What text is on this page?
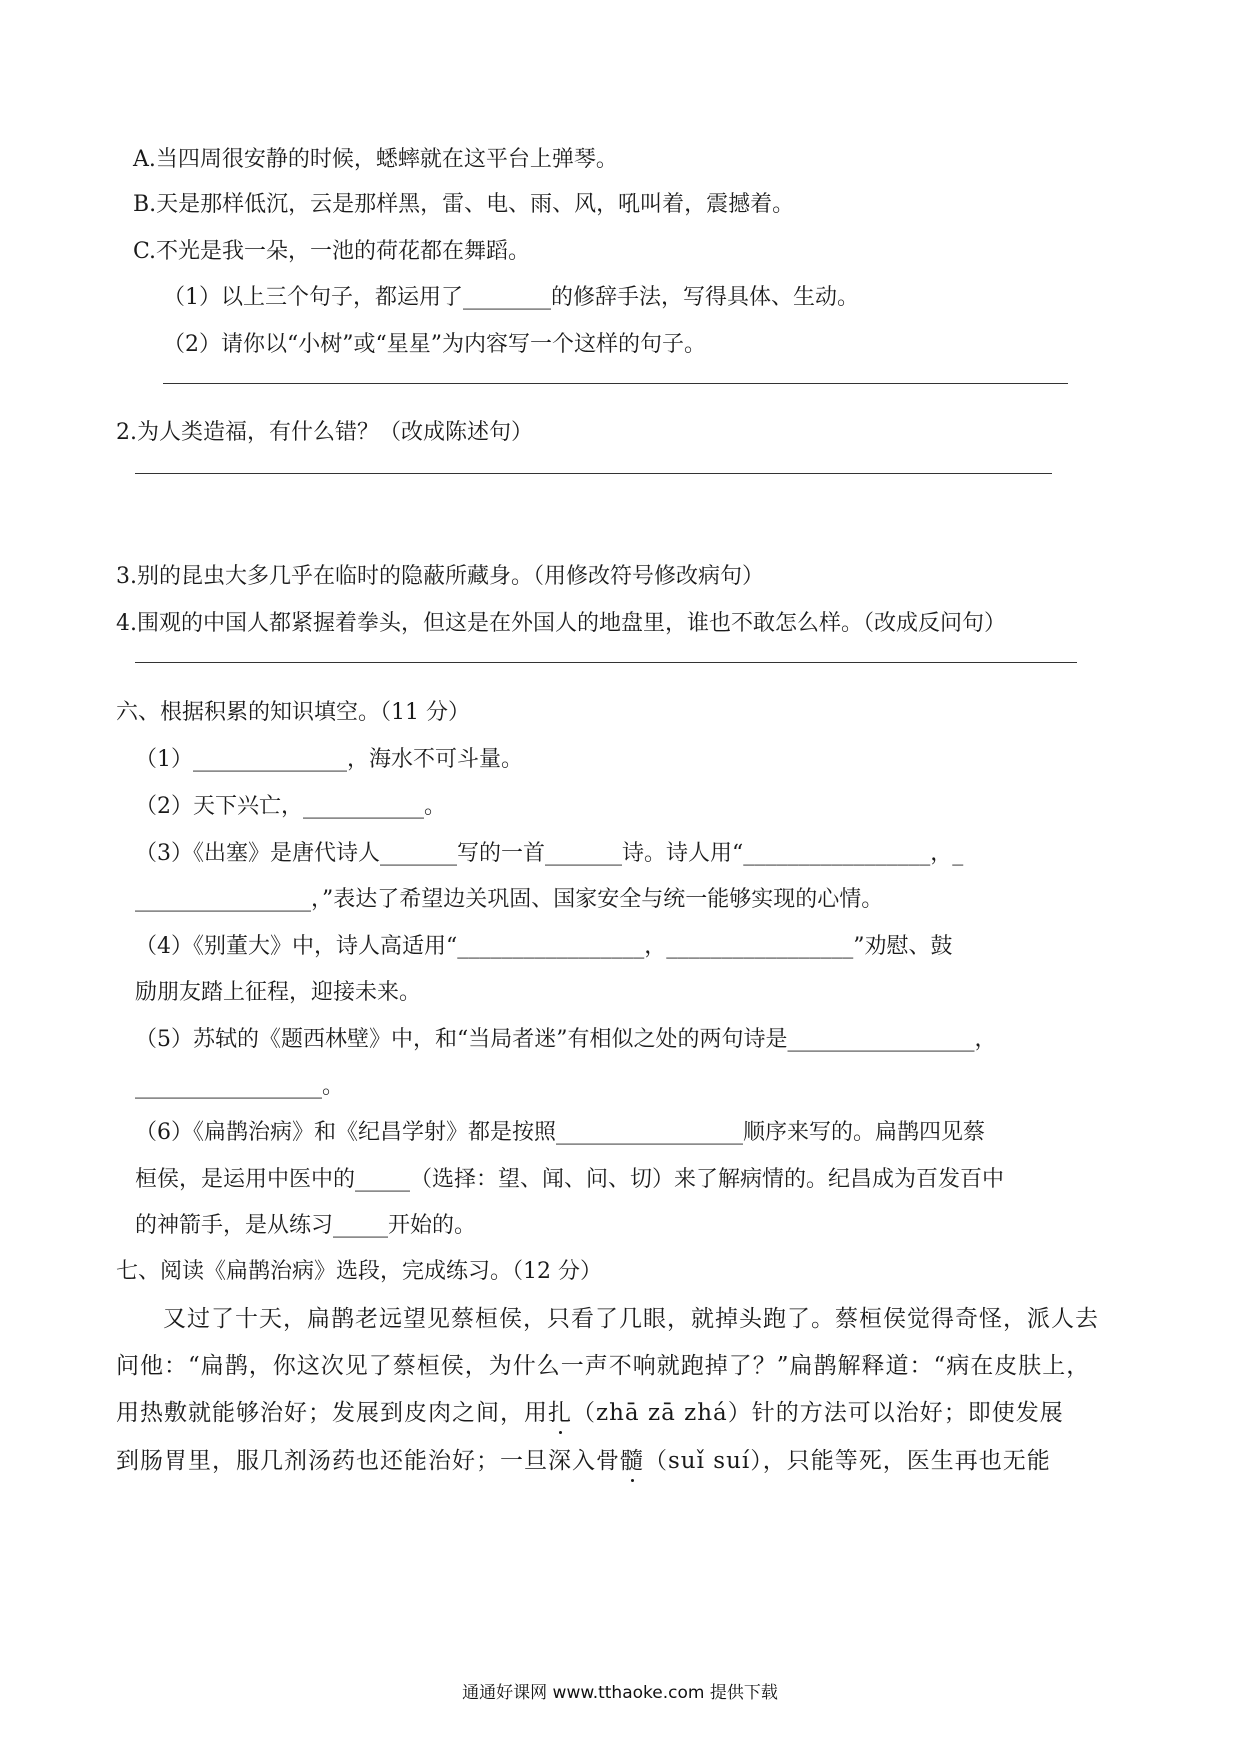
A.当四周很安静的时候，蟋蟀就在这平台上弹琴。
B.天是那样低沉，云是那样黑，雷、电、雨、风，吼叫着，震撼着。
C.不光是我一朵，一池的荷花都在舞蹈。
（1）以上三个句子，都运用了________的修辞手法，写得具体、生动。
（2）请你以“小树”或“星星”为内容写一个这样的句子。
2.为人类造福，有什么错？（改成陈述句）
3.别的昆虫大多几乎在临时的隐蔽所藏身。（用修改符号修改病句）
4.围观的中国人都紧握着拳头，但这是在外国人的地盘里，谁也不敢怎么样。（改成反问句）
六、根据积累的知识填空。（11 分）
（1）______________，海水不可斗量。
（2）天下兴亡，___________。
（3）《出塞》是唐代诗人_______写的一首_______诗。诗人用“_________________，_
________________，”表达了希望边关巩固、国家安全与统一能够实现的心情。
（4）《别董大》中，诗人高适用“_________________，_________________”劝慰、鼓
励朋友踏上征程，迎接未来。
（5）苏轼的《题西林壁》中，和“当局者迷”有相似之处的两句诗是_________________，
_________________。
（6）《扁鹊治病》和《纪昌学射》都是按照_________________顺序来写的。扁鹊四见蔡
桓侯，是运用中医中的_____（选择：望、闻、问、切）来了解病情的。纪昌成为百发百中
的神箭手，是从练习_____开始的。
七、阅读《扁鹊治病》选段，完成练习。（12 分）
又过了十天，扁鹊老远望见蔡桓侯，只看了几眼，就掉头跑了。蔡桓侯觉得奇怪，派人去
问他：“扁鹊，你这次见了蔡桓侯，为什么一声不响就跑掉了？”扁鹊解释道：“病在皮肤上，
用热敷就能够治好；发展到皮肉之间，用扎（zhā zā zhá）针的方法可以治好；即使发展
到肠胃里，服几剂汤药也还能治好；一旦深入骨髓（suǐ suí），只能等死，医生再也无能
通通好课网 www.tthaoke.com 提供下载
